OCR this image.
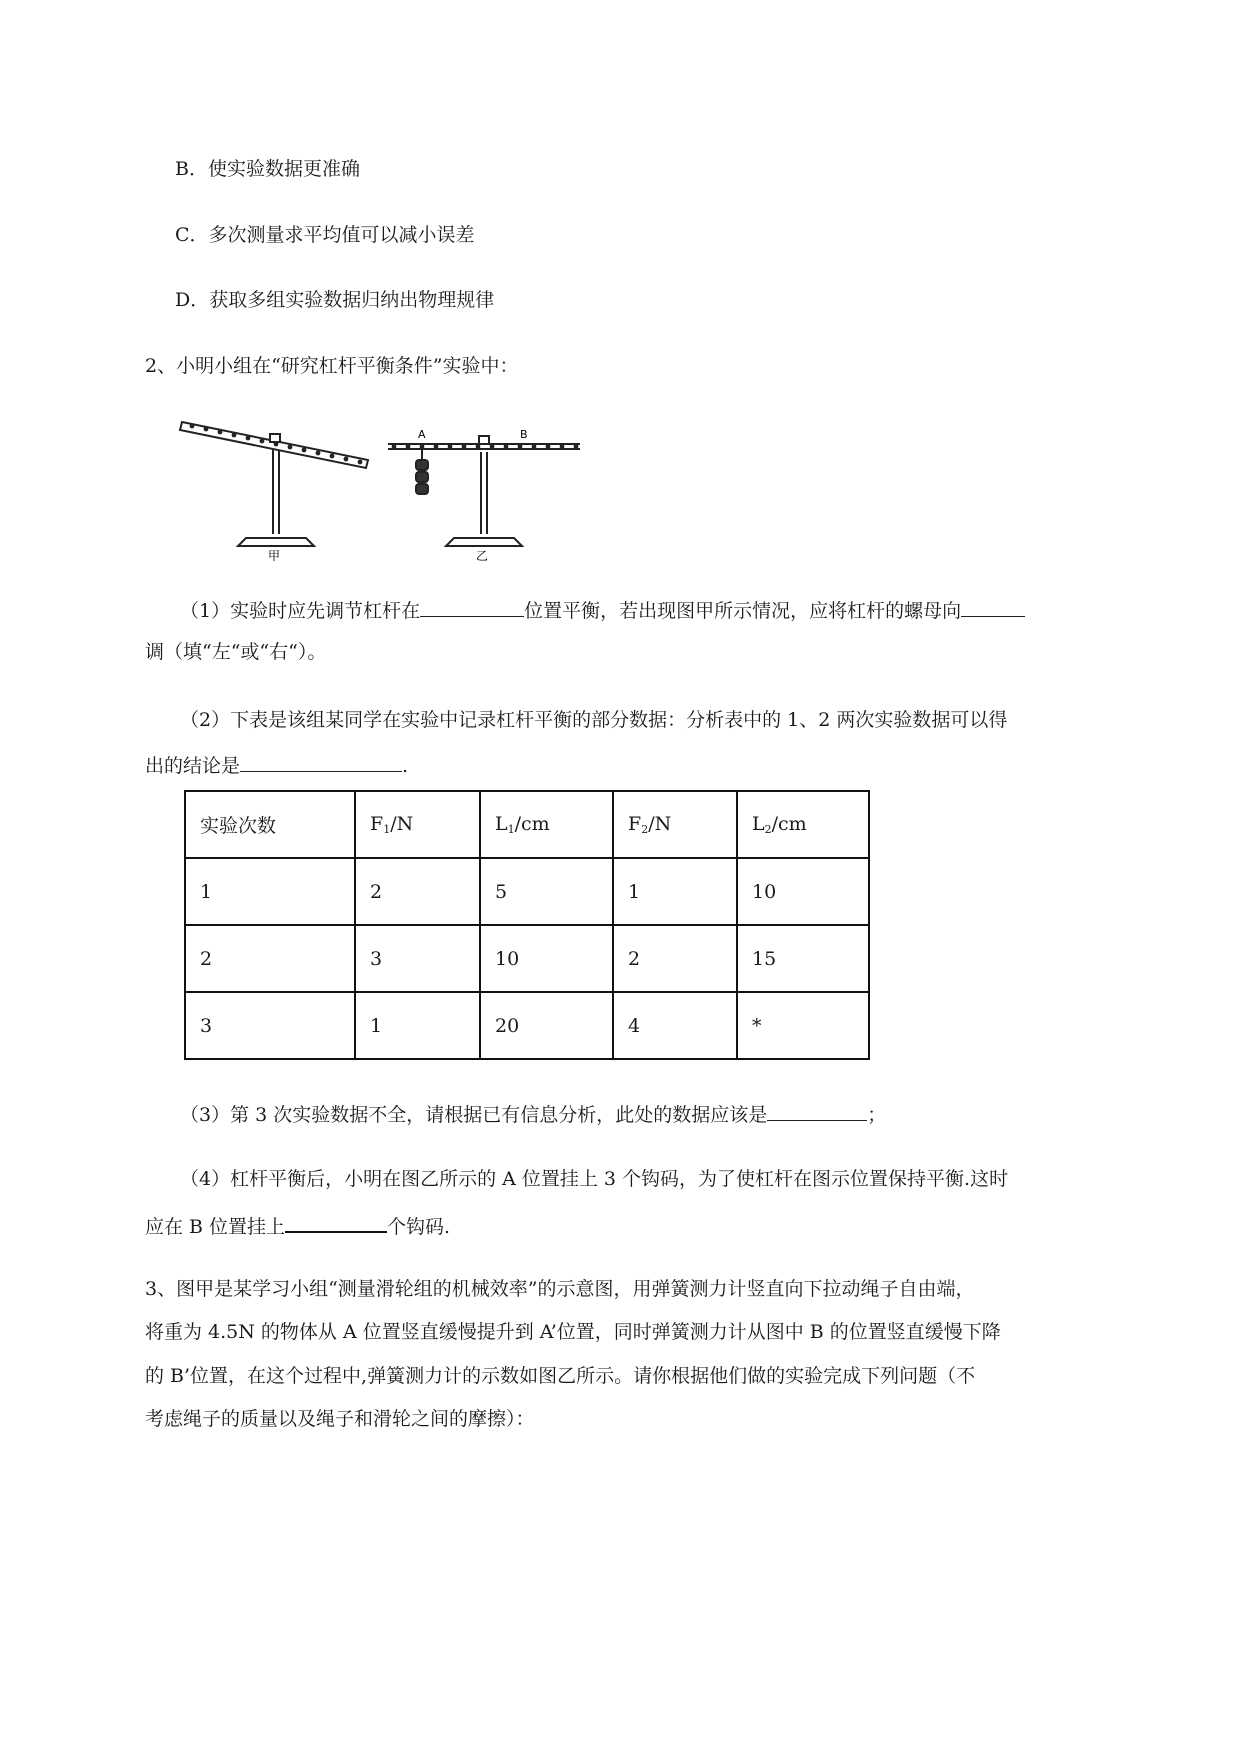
B．使实验数据更准确
C．多次测量求平均值可以减小误差
D．获取多组实验数据归纳出物理规律
2、小明小组在“研究杠杆平衡条件”实验中：
A	B
甲	乙
（1）实验时应先调节杠杆在	位置平衡，若出现图甲所示情况，应将杠杆的螺母向
调（填“左“或“右“）。
（2）下表是该组某同学在实验中记录杠杆平衡的部分数据：分析表中的 1、2 两次实验数据可以得
出的结论是	.
实验次数	$F_1/N$	$L_1/cm$	$F_2/N$	$L_2/cm$
1	2	5	1	10
2	3	10	2	15
3	1	20	4	*
（3）第 3 次实验数据不全，请根据已有信息分析，此处的数据应该是	；
（4）杠杆平衡后，小明在图乙所示的 A 位置挂上 3 个钩码，为了使杠杆在图示位置保持平衡.这时
应在 B 位置挂上	个钩码.
3、图甲是某学习小组“测量滑轮组的机械效率”的示意图，用弹簧测力计竖直向下拉动绳子自由端，
将重为 4.5N 的物体从 A 位置竖直缓慢提升到 A’位置，同时弹簧测力计从图中 B 的位置竖直缓慢下降
的 B’位置，在这个过程中,弹簧测力计的示数如图乙所示。请你根据他们做的实验完成下列问题（不
考虑绳子的质量以及绳子和滑轮之间的摩擦）：
